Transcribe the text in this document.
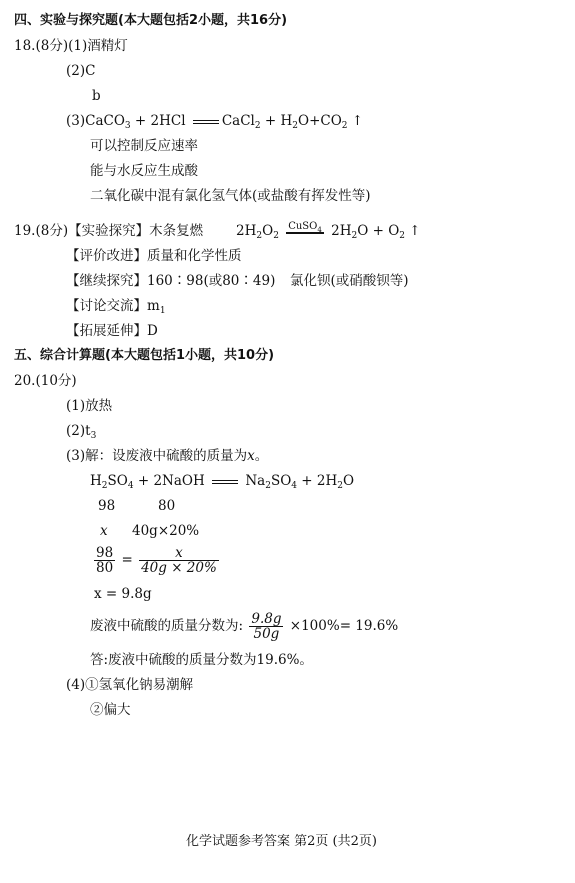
四、实验与探究题(本大题包括2小题，共16分)
18.(8分)(1)酒精灯
(2)C
b
(3)CaCO$_3$ + 2HCl CaCl$_2$ + $H_2O+CO_2$ ↑
可以控制反应速率
能与水反应生成酸
二氧化碳中混有氯化氢气体(或盐酸有挥发性等)
19.(8分)【实验探究】木条复燃 $2H_2O_2$
CuSO$_4$ $2H_2O + O_2$ ↑
【评价改进】质量和化学性质
【继续探究】160∶98(或80∶49) 氯化钡(或硝酸钡等)
【讨论交流】$m_1$
【拓展延伸】D
五、综合计算题(本大题包括1小题，共10分)
20.(10分)
(1)放热
$(2)t_3$
(3)解：设废液中硫酸的质量为x。
$H_2SO_4$ + 2NaOH  $Na_2SO_4 + 2H_2O$
98	80
x 40g×20%
$\frac{98}{80} = \frac{x}{40g \times 20\%}$
x = 9.8g
废液中硫酸的质量分数为: $\frac{9.8g}{50g} \times 100\%= 19.6\%$
答:废液中硫酸的质量分数为19.6%。
(4)①氢氧化钠易潮解
②偏大
化学试题参考答案 第2页 (共2页)
